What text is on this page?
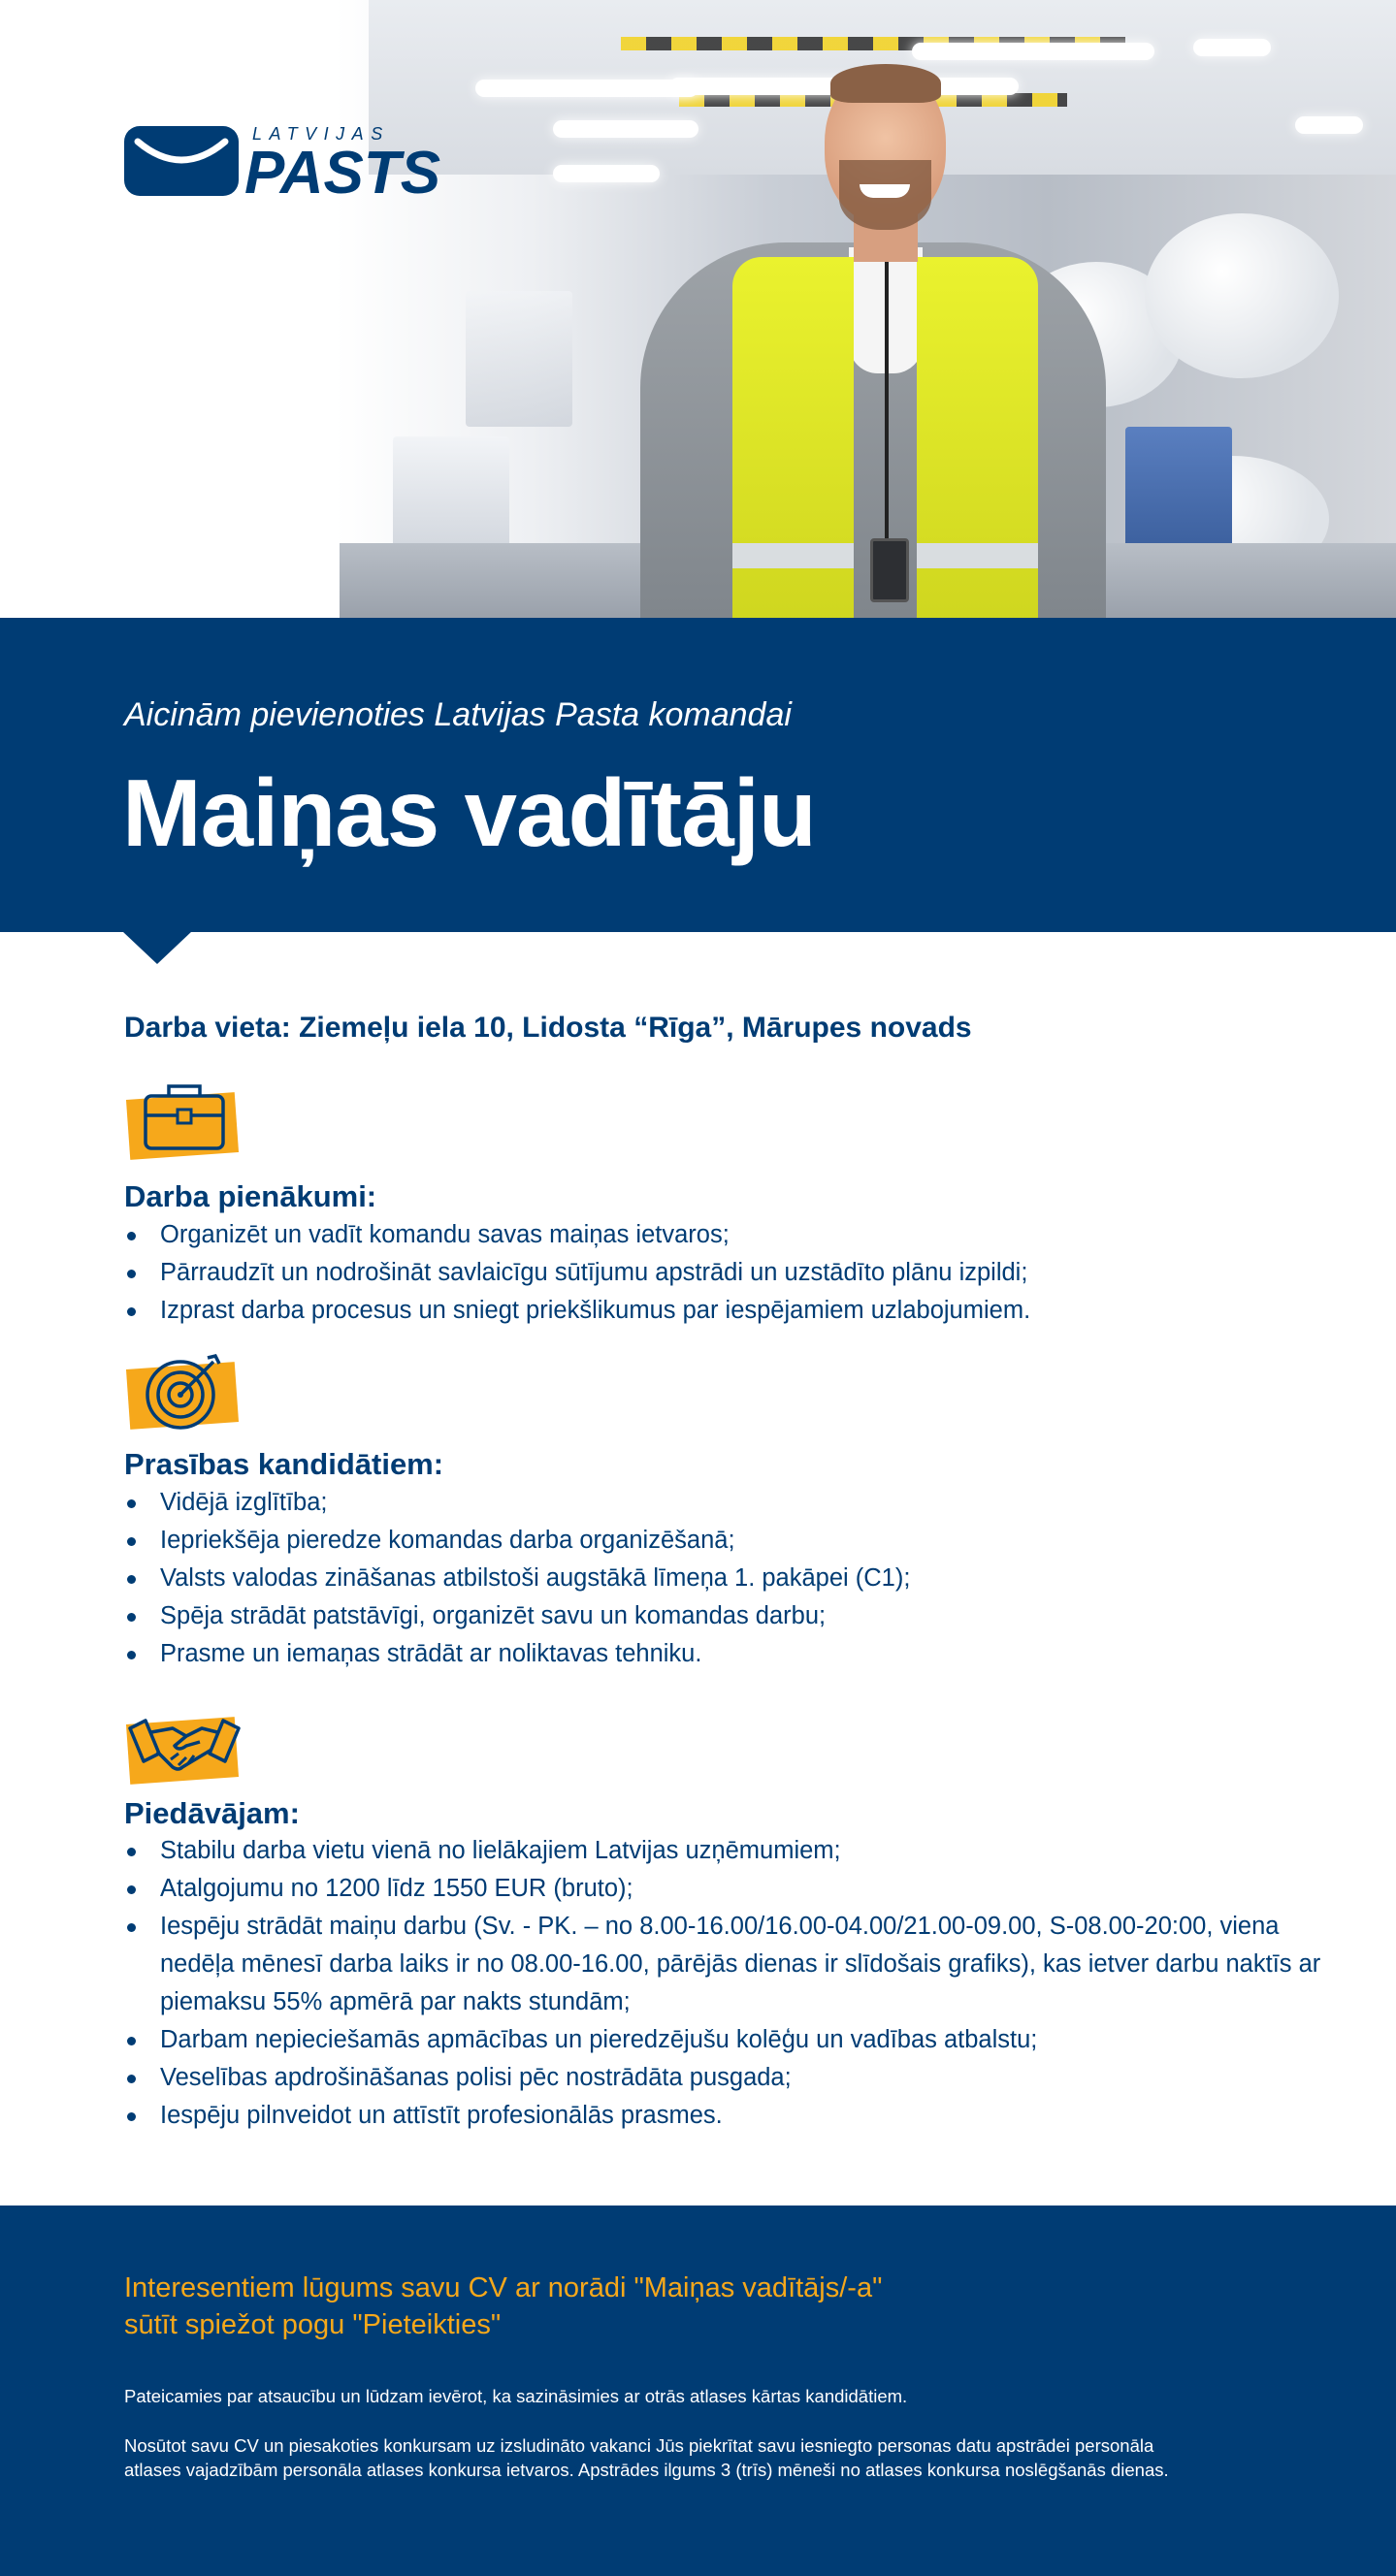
LATVIJAS
PASTS
Aicinām pievienoties Latvijas Pasta komandai
Maiņas vadītāju
Darba vieta: Ziemeļu iela 10, Lidosta “Rīga”, Mārupes novads
Darba pienākumi:
Organizēt un vadīt komandu savas maiņas ietvaros;
Pārraudzīt un nodrošināt savlaicīgu sūtījumu apstrādi un uzstādīto plānu izpildi;
Izprast darba procesus un sniegt priekšlikumus par iespējamiem uzlabojumiem.
Prasības kandidātiem:
Vidējā izglītība;
Iepriekšēja pieredze komandas darba organizēšanā;
Valsts valodas zināšanas atbilstoši augstākā līmeņa 1. pakāpei (C1);
Spēja strādāt patstāvīgi, organizēt savu un komandas darbu;
Prasme un iemaņas strādāt ar noliktavas tehniku.
Piedāvājam:
Stabilu darba vietu vienā no lielākajiem Latvijas uzņēmumiem;
Atalgojumu no 1200 līdz 1550 EUR (bruto);
Iespēju strādāt maiņu darbu (Sv. - PK. – no 8.00-16.00/16.00-04.00/21.00-09.00, S-08.00-20:00, viena nedēļa mēnesī darba laiks ir no 08.00-16.00, pārējās dienas ir slīdošais grafiks), kas ietver darbu naktīs ar piemaksu 55% apmērā par nakts stundām;
Darbam nepieciešamās apmācības un pieredzējušu kolēģu un vadības atbalstu;
Veselības apdrošināšanas polisi pēc nostrādāta pusgada;
Iespēju pilnveidot un attīstīt profesionālās prasmes.
Interesentiem lūgums savu CV ar norādi "Maiņas vadītājs/-a"
sūtīt spiežot pogu "Pieteikties"
Pateicamies par atsaucību un lūdzam ievērot, ka sazināsimies ar otrās atlases kārtas kandidātiem.
Nosūtot savu CV un piesakoties konkursam uz izsludināto vakanci Jūs piekrītat savu iesniegto personas datu apstrādei personāla atlases vajadzībām personāla atlases konkursa ietvaros. Apstrādes ilgums 3 (trīs) mēneši no atlases konkursa noslēgšanās dienas.
